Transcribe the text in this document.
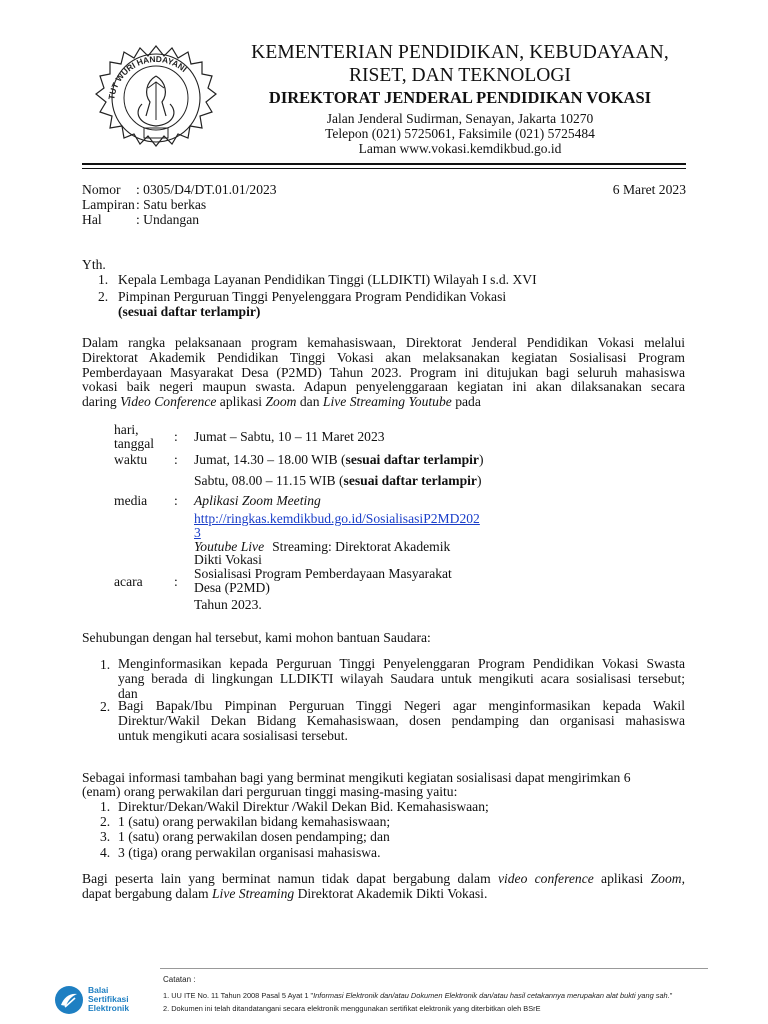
TUT WURI HANDAYANI
KEMENTERIAN PENDIDIKAN, KEBUDAYAAN,
RISET, DAN TEKNOLOGI
DIREKTORAT JENDERAL PENDIDIKAN VOKASI
Jalan Jenderal Sudirman, Senayan, Jakarta 10270
Telepon (021) 5725061, Faksimile (021) 5725484
Laman www.vokasi.kemdikbud.go.id
Nomor : 0305/D4/DT.01.01/2023	6 Maret 2023
Lampiran : Satu berkas
Hal	: Undangan
Yth.
1. Kepala Lembaga Layanan Pendidikan Tinggi (LLDIKTI) Wilayah I s.d. XVI
2. Pimpinan Perguruan Tinggi Penyelenggara Program Pendidikan Vokasi
(sesuai daftar terlampir)
Dalam rangka pelaksanaan program kemahasiswaan, Direktorat Jenderal Pendidikan Vokasi melalui
Direktorat Akademik Pendidikan Tinggi Vokasi akan melaksanakan kegiatan Sosialisasi Program
Pemberdayaan Masyarakat Desa (P2MD) Tahun 2023. Program ini ditujukan bagi seluruh mahasiswa
vokasi baik negeri maupun swasta. Adapun penyelenggaraan kegiatan ini akan dilaksanakan secara
daring Video Conference aplikasi Zoom dan Live Streaming Youtube pada
hari,
tanggal : Jumat – Sabtu, 10 – 11 Maret 2023
waktu : Jumat, 14.30 – 18.00 WIB (sesuai daftar terlampir)
Sabtu, 08.00 – 11.15 WIB (sesuai daftar terlampir)
media : Aplikasi Zoom Meeting
http://ringkas.kemdikbud.go.id/SosialisasiP2MD202
3
Youtube Live Streaming: Direktorat Akademik
Dikti Vokasi
acara :
Sosialisasi Program Pemberdayaan Masyarakat
Desa (P2MD)
Tahun 2023.
Sehubungan dengan hal tersebut, kami mohon bantuan Saudara:
1. Menginformasikan kepada Perguruan Tinggi Penyelenggaran Program Pendidikan Vokasi Swasta
yang berada di lingkungan LLDIKTI wilayah Saudara untuk mengikuti acara sosialisasi tersebut;
dan
2. Bagi Bapak/Ibu Pimpinan Perguruan Tinggi Negeri agar menginformasikan kepada Wakil
Direktur/Wakil Dekan Bidang Kemahasiswaan, dosen pendamping dan organisasi mahasiswa
untuk mengikuti acara sosialisasi tersebut.
Sebagai informasi tambahan bagi yang berminat mengikuti kegiatan sosialisasi dapat mengirimkan 6
(enam) orang perwakilan dari perguruan tinggi masing-masing yaitu:
1. Direktur/Dekan/Wakil Direktur /Wakil Dekan Bid. Kemahasiswaan;
2. 1 (satu) orang perwakilan bidang kemahasiswaan;
3. 1 (satu) orang perwakilan dosen pendamping; dan
4. 3 (tiga) orang perwakilan organisasi mahasiswa.
Bagi peserta lain yang berminat namun tidak dapat bergabung dalam video conference aplikasi Zoom,
dapat bergabung dalam Live Streaming Direktorat Akademik Dikti Vokasi.
Balai
Sertifikasi
Elektronik
Catatan :
1. UU ITE No. 11 Tahun 2008 Pasal 5 Ayat 1 "Informasi Elektronik dan/atau Dokumen Elektronik dan/atau hasil cetakannya merupakan alat bukti yang sah."
2. Dokumen ini telah ditandatangani secara elektronik menggunakan sertifikat elektronik yang diterbitkan oleh BSrE
